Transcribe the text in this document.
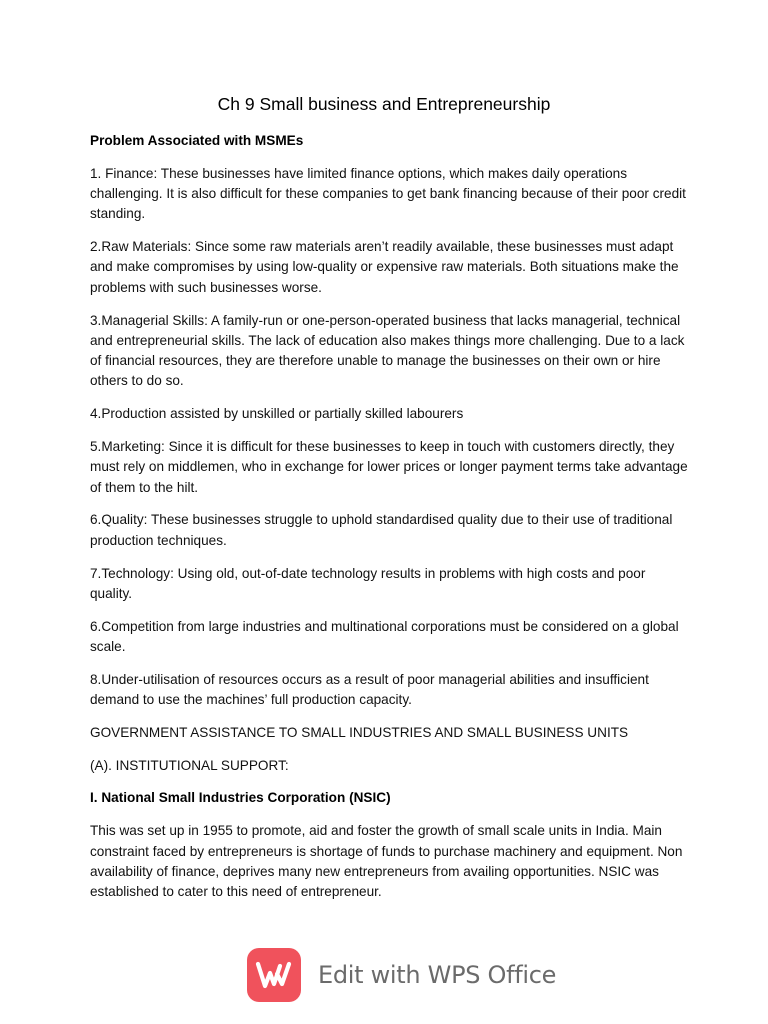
Ch 9 Small business and Entrepreneurship

Problem Associated with MSMEs

1. Finance: These businesses have limited finance options, which makes daily operations challenging. It is also difficult for these companies to get bank financing because of their poor credit standing.

2.Raw Materials: Since some raw materials aren’t readily available, these businesses must adapt and make compromises by using low-quality or expensive raw materials. Both situations make the problems with such businesses worse.

3.Managerial Skills: A family-run or one-person-operated business that lacks managerial, technical and entrepreneurial skills. The lack of education also makes things more challenging. Due to a lack of financial resources, they are therefore unable to manage the businesses on their own or hire others to do so.

4.Production assisted by unskilled or partially skilled labourers

5.Marketing: Since it is difficult for these businesses to keep in touch with customers directly, they must rely on middlemen, who in exchange for lower prices or longer payment terms take advantage of them to the hilt.

6.Quality: These businesses struggle to uphold standardised quality due to their use of traditional production techniques.

7.Technology: Using old, out-of-date technology results in problems with high costs and poor quality.

6.Competition from large industries and multinational corporations must be considered on a global scale.

8.Under-utilisation of resources occurs as a result of poor managerial abilities and insufficient demand to use the machines’ full production capacity.

GOVERNMENT ASSISTANCE TO SMALL INDUSTRIES AND SMALL BUSINESS UNITS

(A). INSTITUTIONAL SUPPORT:

I. National Small Industries Corporation (NSIC)

This was set up in 1955 to promote, aid and foster the growth of small scale units in India. Main constraint faced by entrepreneurs is shortage of funds to purchase machinery and equipment. Non availability of finance, deprives many new entrepreneurs from availing opportunities. NSIC was established to cater to this need of entrepreneur.

Edit with WPS Office
